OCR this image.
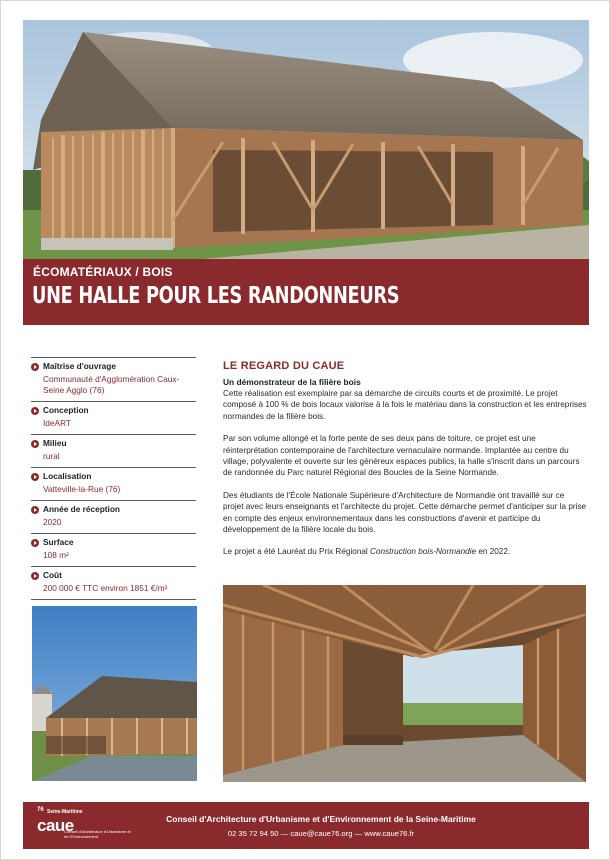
ÉCOMATÉRIAUX / BOIS
UNE HALLE POUR LES RANDONNEURS
Maîtrise d'ouvrage
Communauté d'Agglomération Caux-Seine Agglo (76)
Conception
IdeART
Milieu
rural
Localisation
Vatteville-la-Rue (76)
Année de réception
2020
Surface
108 m²
Coût
200 000 € TTC environ 1851 €/m²
LE REGARD DU CAUE
Un démonstrateur de la filière bois

Cette réalisation est exemplaire par sa démarche de circuits courts et de proximité. Le projet composé à 100 % de bois locaux valorise à la fois le matériau dans la construction et les entreprises normandes de la filière bois.

Par son volume allongé et la forte pente de ses deux pans de toiture, ce projet est une réinterprétation contemporaine de l'architecture vernaculaire normande. Implantée au centre du village, polyvalente et ouverte sur les généreux espaces publics, la halle s'inscrit dans un parcours de randonnée du Parc naturel Régional des Boucles de la Seine Normande.

Des étudiants de l'École Nationale Supérieure d'Architecture de Normandie ont travaillé sur ce projet avec leurs enseignants et l'architecte du projet. Cette démarche permet d'anticiper sur la prise en compte des enjeux environnementaux dans les constructions d'avenir et participe du développement de la filière locale du bois.

Le projet a été Lauréat du Prix Régional Construction bois-Normandie en 2022.

76 Seine-Maritime
caue
Conseil d'Architecture d'Urbanisme et de l'Environnement
Conseil d'Architecture d'Urbanisme et d'Environnement de la Seine-Maritime
02 35 72 94 50 — caue@caue76.org — www.caue76.fr
